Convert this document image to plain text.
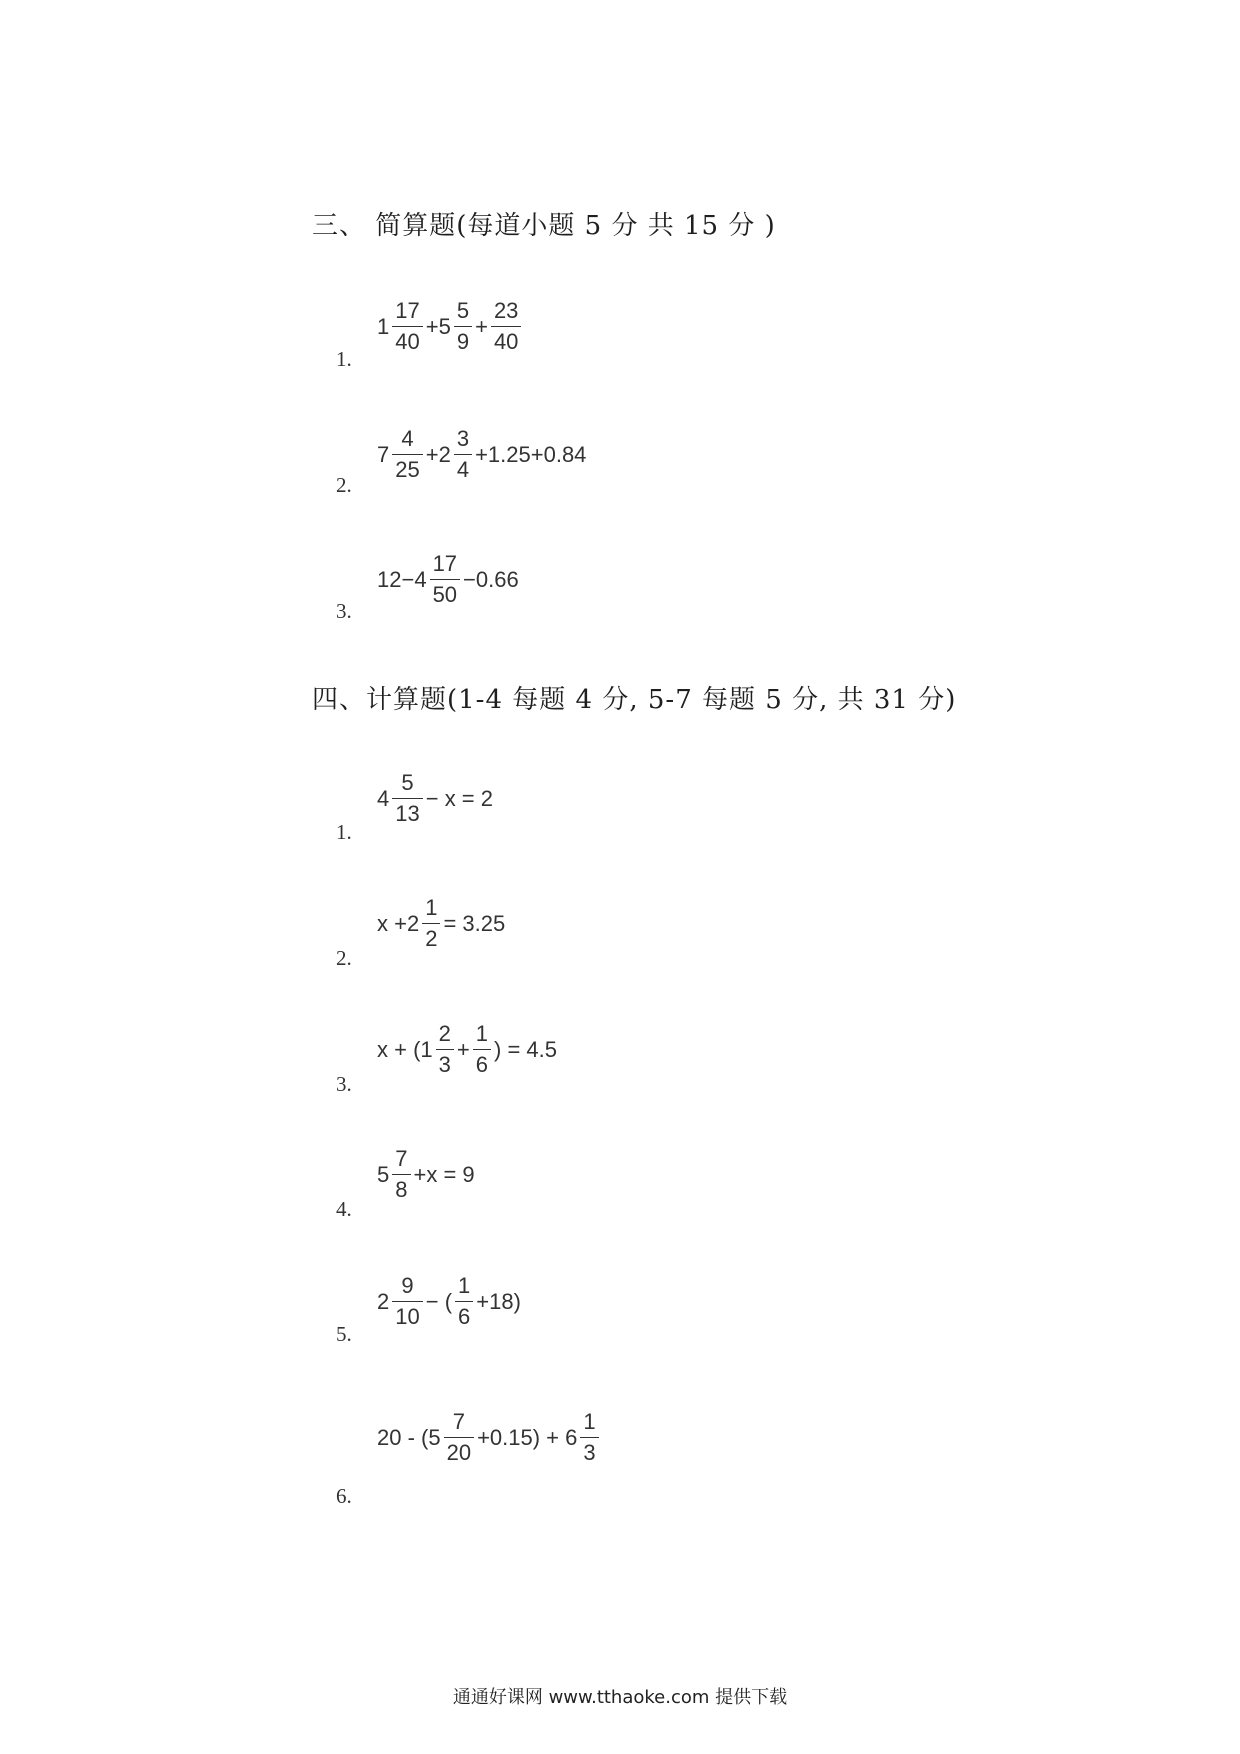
三、 简算题(每道小题 5 分 共 15 分 )
$1 \frac{17}{40} +5 \frac{5}{9} + \frac{23}{40}$
1.
$7 \frac{4}{25} +2 \frac{3}{4} +1.25+0.84$
2.
$12-4 \frac{17}{50} -0.66$
3.
四、计算题(1-4 每题 4 分, 5-7 每题 5 分, 共 31 分)
$4 \frac{5}{13} - x = 2$
1.
$x +2 \frac{1}{2} = 3.25$
2.
$x + (1 \frac{2}{3} + \frac{1}{6}$ ) = 4.5
3.
$5 \frac{7}{8} +x = 9$
4.
$2 \frac{9}{10}$ − ( $\frac{1}{6} +18$)
5.
$20 - (5 \frac{7}{20} +0.15) + 6 \frac{1}{3}$
6.
通通好课网 www.tthaoke.com 提供下载
